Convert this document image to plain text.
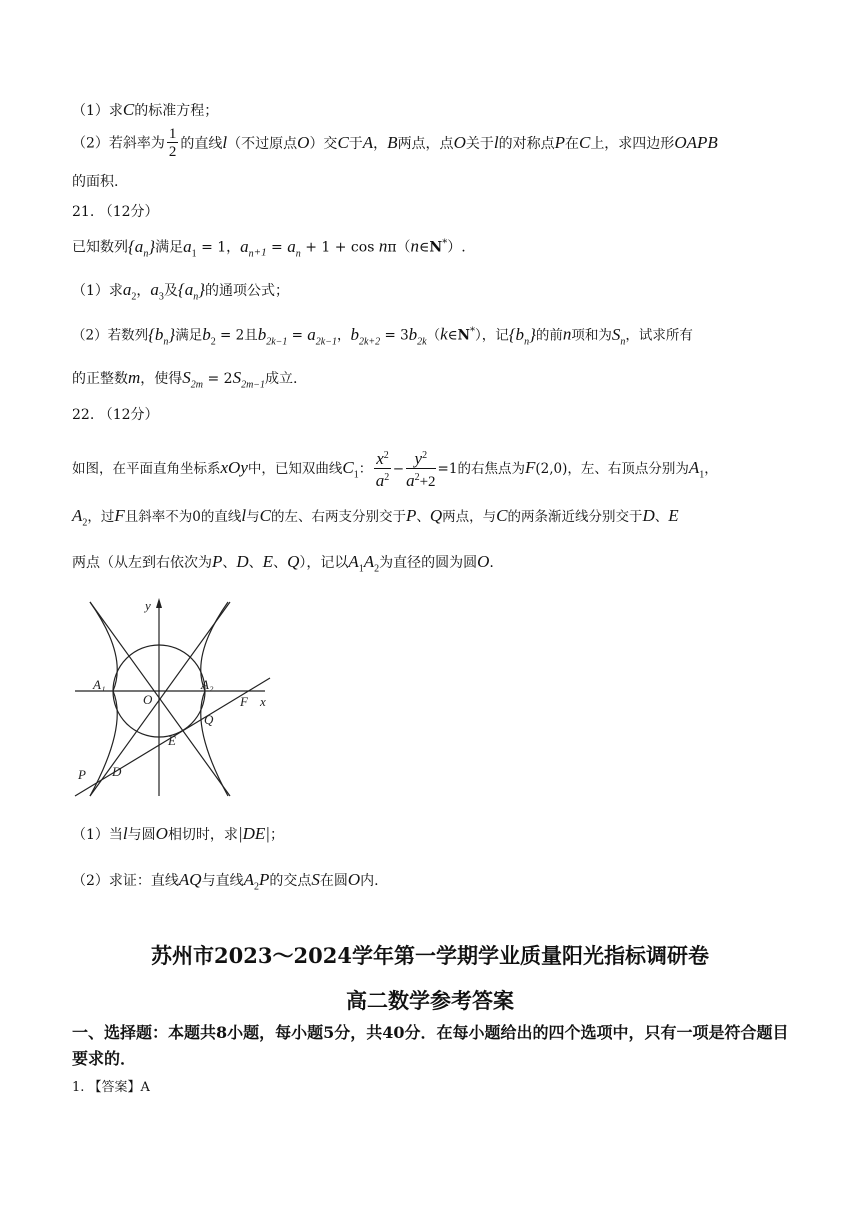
（1）求C的标准方程；
（2）若斜率为 $\frac{1}{2}$ 的直线l（不过原点O）交C于A，B两点，点O关于l的对称点P在C上，求四边形OAPB
的面积.
21. （12分）
已知数列$\{a_n\}$满足$a_1 = 1$，$a_{n+1} = a_n + 1 + \cos$ nπ（n∈N*）.
（1）求$a_2$，$a_3$及$\{a_n\}$的通项公式；
（2）若数列$\{b_n\}$满足$b_2 = 2$且$b_{2k-1} = a_{2k-1}$，$b_{2k+2}$ = $3b_{2k}(k\in N^*)$，记$\{b_n\}$的前n项和为$S_n$，试求所有
的正整数m，使得$S_{2m} = 2S_{2m-1}$成立.
22. （12分）
如图，在平面直角坐标系xOy中，已知双曲线$C_1$： $\frac{x^2}{a^2} - \frac{y^2}{a^2+2} =1$的右焦点为F(2,0)，左、右顶点分别为$A_1$，
$A_2$，过F且斜率不为0的直线l与C的左、右两支分别交于P、Q两点，与C的两条渐近线分别交于D、E
两点（从左到右依次为P、D、E、Q），记以$A_1A_2$为直径的圆为圆O.
y
x
O
A₁	A₂
F
Q
E
P D
（1）当l与圆O相切时，求|DE|；
（2）求证：直线AQ与直线$A_2P$的交点S在圆O内.
苏州市2023～2024学年第一学期学业质量阳光指标调研卷
高二数学参考答案
一、选择题：本题共8小题，每小题5分，共40分．在每小题给出的四个选项中，只有一项是符合题目要求的．
1. 【答案】A
